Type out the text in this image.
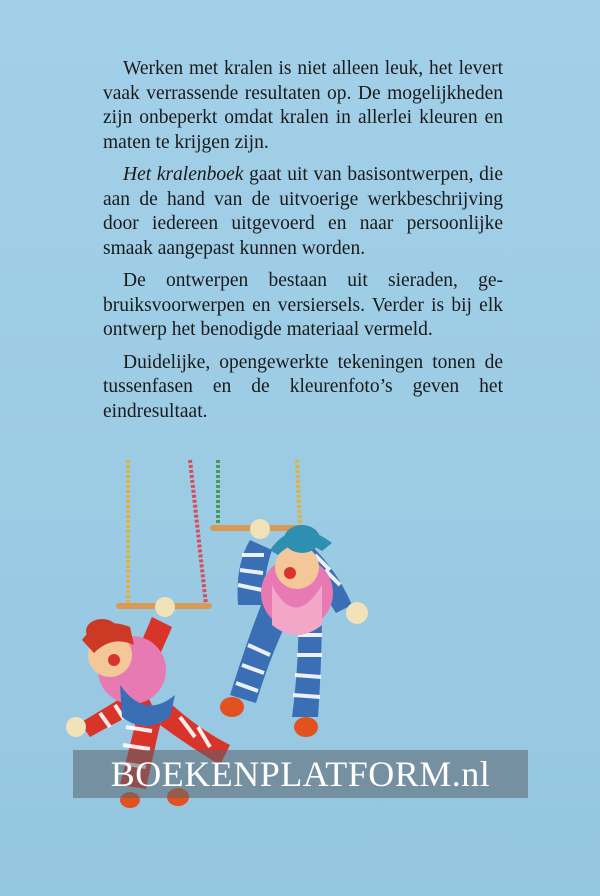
Werken met kralen is niet alleen leuk, het levert vaak verrassende resultaten op. De mogelijkheden zijn onbeperkt omdat kralen in allerlei kleuren en maten te krijgen zijn.

Het kralenboek gaat uit van basisontwerpen, die aan de hand van de uitvoerige werkbeschrijving door iedereen uitgevoerd en naar persoonlijke smaak aangepast kunnen worden.

De ontwerpen bestaan uit sieraden, gebruiksvoorwerpen en versiersels. Verder is bij elk ontwerp het benodigde materiaal vermeld.

Duidelijke, opengewerkte tekeningen tonen de tussenfasen en de kleurenfoto’s geven het eindresultaat.

BOEKENPLATFORM.nl
